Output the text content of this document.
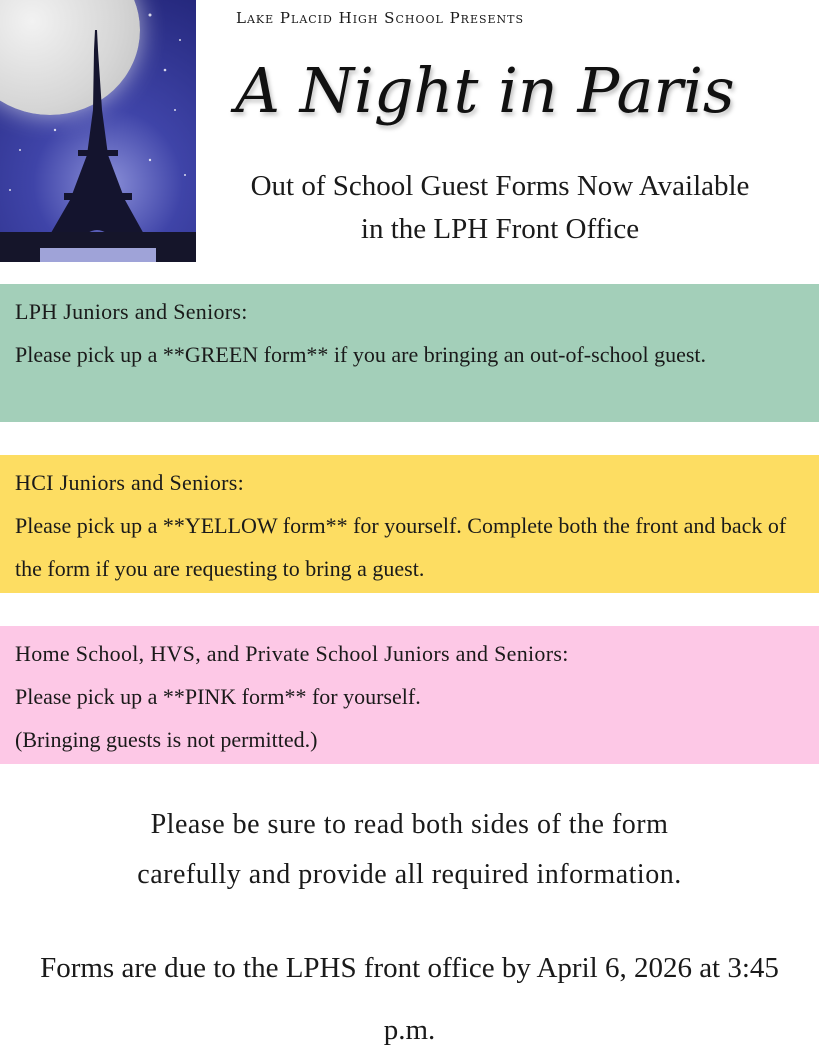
Lake Placid High School Presents
A Night in Paris
Out of School Guest Forms Now Available
in the LPH Front Office
LPH Juniors and Seniors:
Please pick up a **GREEN form** if you are bringing an out-of-school guest.
HCI Juniors and Seniors:
Please pick up a **YELLOW form** for yourself. Complete both the front and back of the form if you are requesting to bring a guest.
Home School, HVS, and Private School Juniors and Seniors:
Please pick up a **PINK form** for yourself.
(Bringing guests is not permitted.)
Please be sure to read both sides of the form
carefully and provide all required information.
Forms are due to the LPHS front office by April 6, 2026 at 3:45
p.m.
